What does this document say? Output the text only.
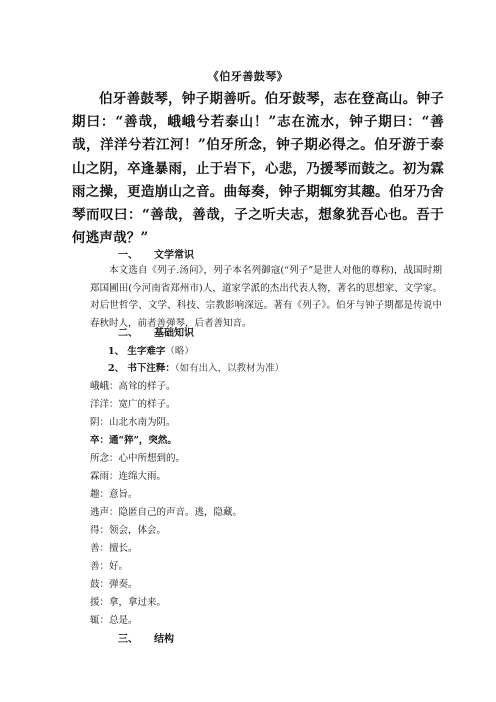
《伯牙善鼓琴》

伯牙善鼓琴，钟子期善听。伯牙鼓琴，志在登高山。钟子期曰：“善哉，峨峨兮若泰山！”志在流水，钟子期曰：“善哉，洋洋兮若江河！”伯牙所念，钟子期必得之。伯牙游于泰山之阴，卒逢暴雨，止于岩下，心悲，乃援琴而鼓之。初为霖雨之操，更造崩山之音。曲每奏，钟子期辄穷其趣。伯牙乃舍琴而叹曰：“善哉，善哉，子之听夫志，想象犹吾心也。吾于何逃声哉？”

一、 文学常识

本文选自《列子.汤问》，列子本名列御寇(“列子”是世人对他的尊称)，战国时期郑国圃田(今河南省郑州市)人，道家学派的杰出代表人物，著名的思想家、文学家。对后世哲学、文学、科技、宗教影响深远。著有《列子》。伯牙与钟子期都是传说中春秋时人，前者善弹琴，后者善知音。

二、 基础知识
1、 生字难字（略）
2、 书下注释：（如有出入，以教材为准）
峨峨：高耸的样子。
洋洋：宽广的样子。
阴：山北水南为阴。
卒：通“猝”，突然。
所念：心中所想到的。
霖雨：连绵大雨。
趣：意旨。
逃声：隐匿自己的声音。逃，隐藏。
得：领会，体会。
善：擅长。
善：好。
鼓：弹奏。
援：拿，拿过来。
辄：总是。
三、 结构
